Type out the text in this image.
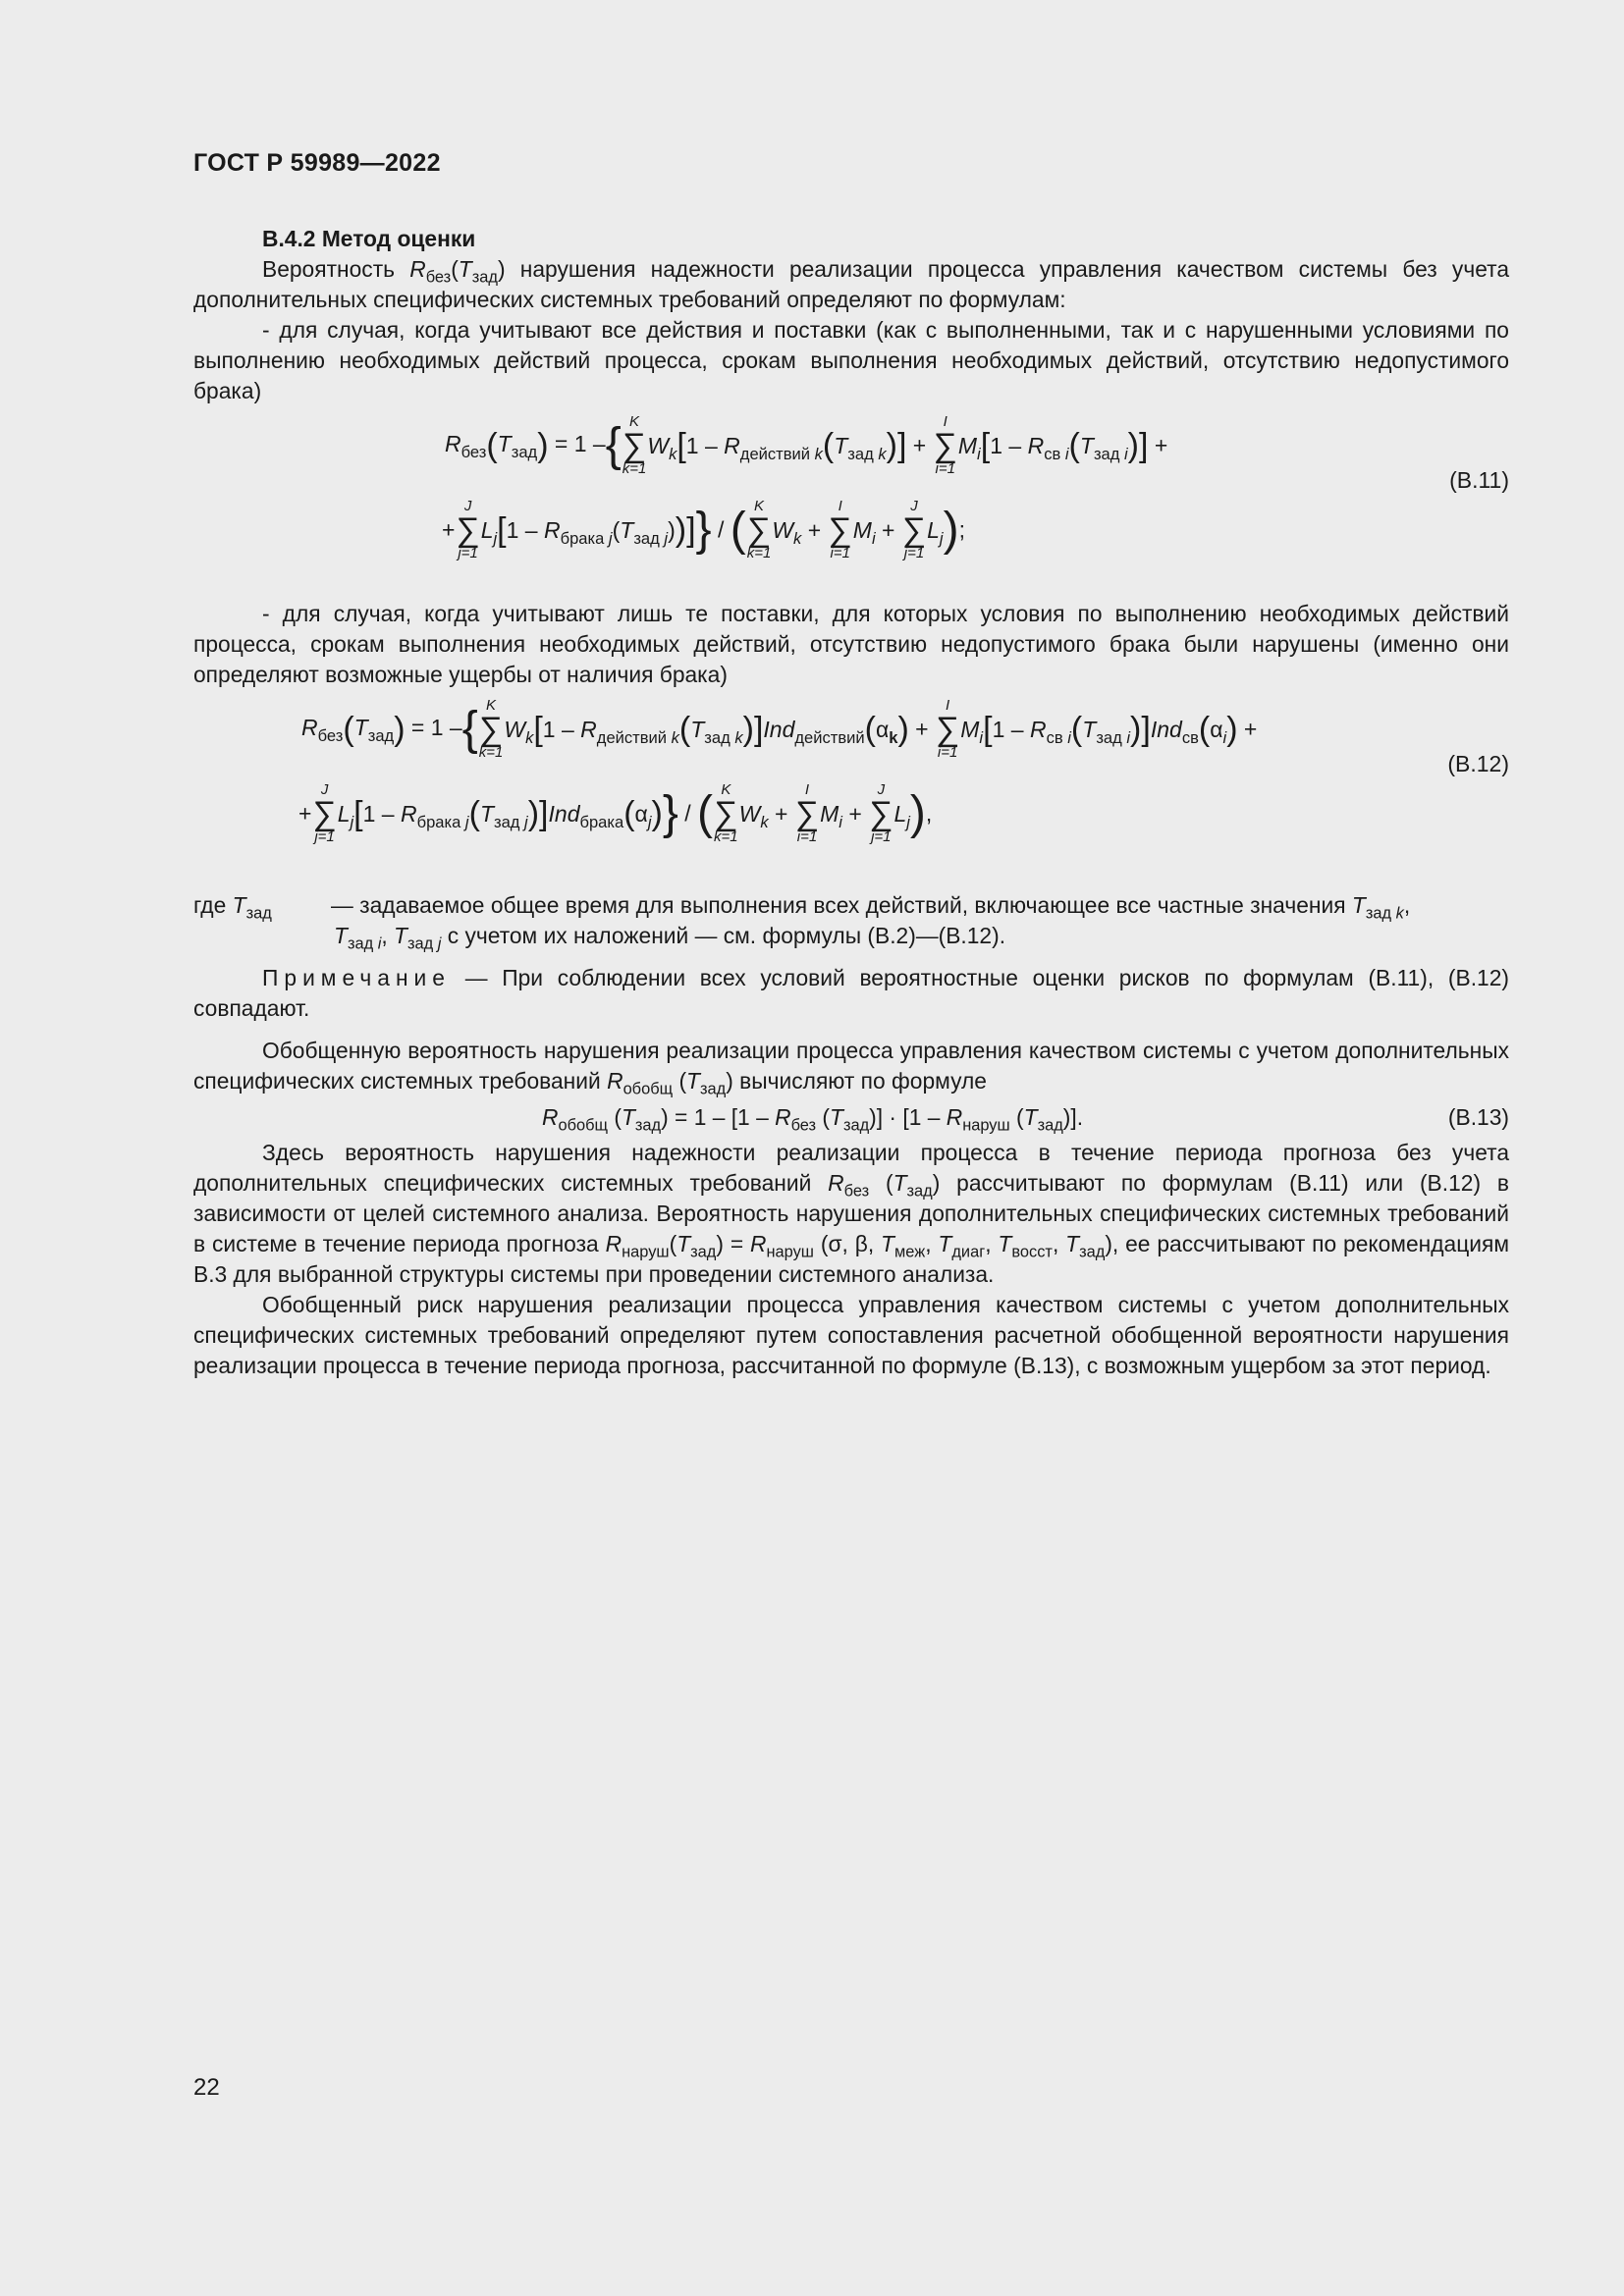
ГОСТ Р 59989—2022

В.4.2 Метод оценки

Вероятность $R_{без}(T_{зад})$ нарушения надежности реализации процесса управления качеством системы без учета дополнительных специфических системных требований определяют по формулам:

- для случая, когда учитывают все действия и поставки (как с выполненными, так и с нарушенными условиями по выполнению необходимых действий процесса, срокам выполнения необходимых действий, отсутствию недопустимого брака)

$R_{без}(T_{зад}) = 1$ –{ K
∑
k=1
$W_k[1 - R_{действий k}(T_{зад k})]$ +
I
∑
i=1
$M_i[1 - R_{св i}(T_{зад i})]$ +
(В.11)
+
J
∑
j=1
$L_j[1 - R_{брака j}(T_{зад j}))$]} / ( K
∑
k=1
$W_k$ +
I
∑
i=1
$M_i$ +
J
∑
j=1
$L_j$);

- для случая, когда учитывают лишь те поставки, для которых условия по выполнению необходимых действий процесса, срокам выполнения необходимых действий, отсутствию недопустимого брака были нарушены (именно они определяют возможные ущербы от наличия брака)

$R_{без}(T_{зад}) = 1$ –{ K
∑
k=1
$W_k[1 - R_{действий k}(T_{зад k})]Ind_{действий}(\alpha_k)$ +
I
∑
i=1
$M_i[1 - R_{св i}(T_{зад i})]Ind_{св}(\alpha_i)$ +
(В.12)
+
J
∑
j=1
$L_j[1 - R_{брака j}(T_{зад j})]Ind_{брака}(\alpha_j)$} / ( K
∑
k=1
$W_k$ +
I
∑
i=1
$M_i$ +
J
∑
j=1
$L_j$),
где $T_{зад}$	— задаваемое общее время для выполнения всех действий, включающее все частные значения $T_{зад k}$,
$T_{зад i}$, $T_{зад j}$ с учетом их наложений — см. формулы (В.2)—(В.12).

Примечание — При соблюдении всех условий вероятностные оценки рисков по формулам (В.11), (В.12) совпадают.

Обобщенную вероятность нарушения реализации процесса управления качеством системы с учетом дополнительных специфических системных требований $R_{обобщ}$ $(T_{зад})$ вычисляют по формуле

$R_{обобщ}$ $(T_{зад}) = 1 - [1 - R_{без}$ $(T_{зад})] \cdot [1 - R_{наруш}$ $(T_{зад})$].	(В.13)

Здесь вероятность нарушения надежности реализации процесса в течение периода прогноза без учета дополнительных специфических системных требований $R_{без}$ $(T_{зад})$ рассчитывают по формулам (В.11) или (В.12) в зависимости от целей системного анализа. Вероятность нарушения дополнительных специфических системных требований в системе в течение периода прогноза $R_{наруш}(T_{зад}) = R_{наруш}$ (σ, β, $T_{меж}$, $T_{диаг}$, $T_{восст}$, $T_{зад}$), ее рассчитывают по рекомендациям В.3 для выбранной структуры системы при проведении системного анализа.

Обобщенный риск нарушения реализации процесса управления качеством системы с учетом дополнительных специфических системных требований определяют путем сопоставления расчетной обобщенной вероятности нарушения реализации процесса в течение периода прогноза, рассчитанной по формуле (В.13), с возможным ущербом за этот период.

22
